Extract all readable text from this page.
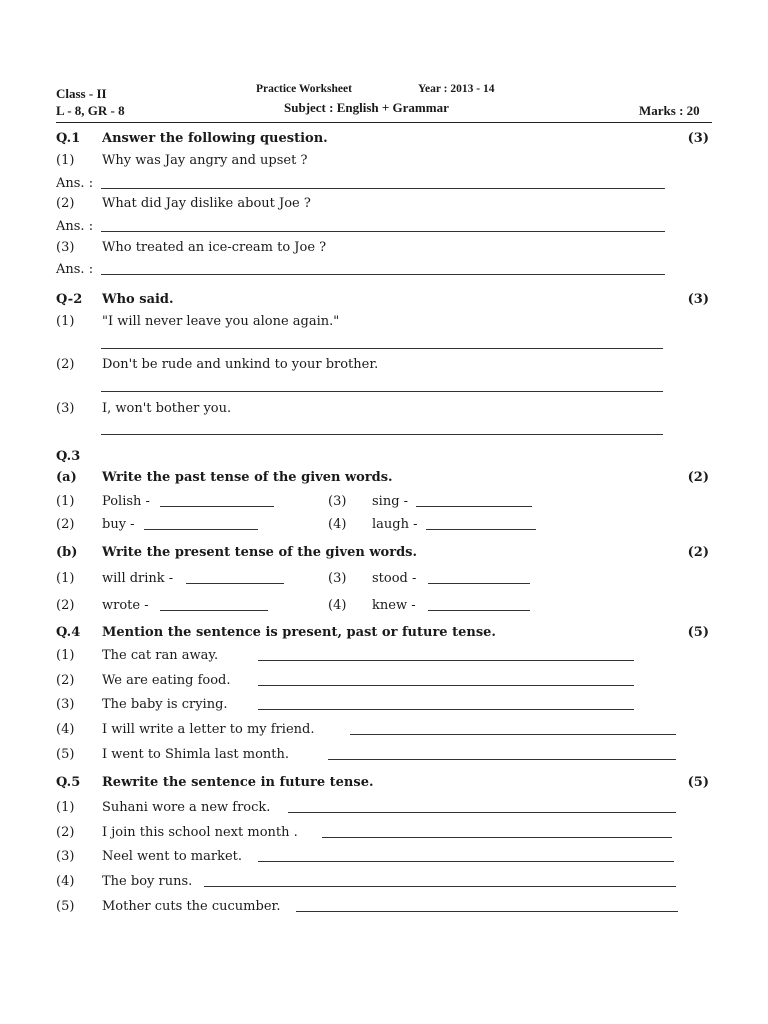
Class - II
L - 8, GR - 8
Practice Worksheet	Year : 2013 - 14
Subject : English + Grammar	Marks : 20
Q.1 Answer the following question.	(3)
(1) Why was Jay angry and upset ?
Ans. :
(2) What did Jay dislike about Joe ?
Ans. :
(3) Who treated an ice-cream to Joe ?
Ans. :
Q-2 Who said.	(3)
(1) "I will never leave you alone again."
(2) Don't be rude and unkind to your brother.
(3) I, won't bother you.
Q.3
(a) Write the past tense of the given words.	(2)
(1) Polish -	(3) sing -
(2) buy -	(4) laugh -
(b) Write the present tense of the given words.	(2)
(1) will drink -	(3) stood -
(2) wrote -	(4) knew -
Q.4 Mention the sentence is present, past or future tense.	(5)
(1) The cat ran away.
(2) We are eating food.
(3) The baby is crying.
(4) I will write a letter to my friend.
(5) I went to Shimla last month.
Q.5 Rewrite the sentence in future tense.	(5)
(1) Suhani wore a new frock.
(2) I join this school next month .
(3) Neel went to market.
(4) The boy runs.
(5) Mother cuts the cucumber.
